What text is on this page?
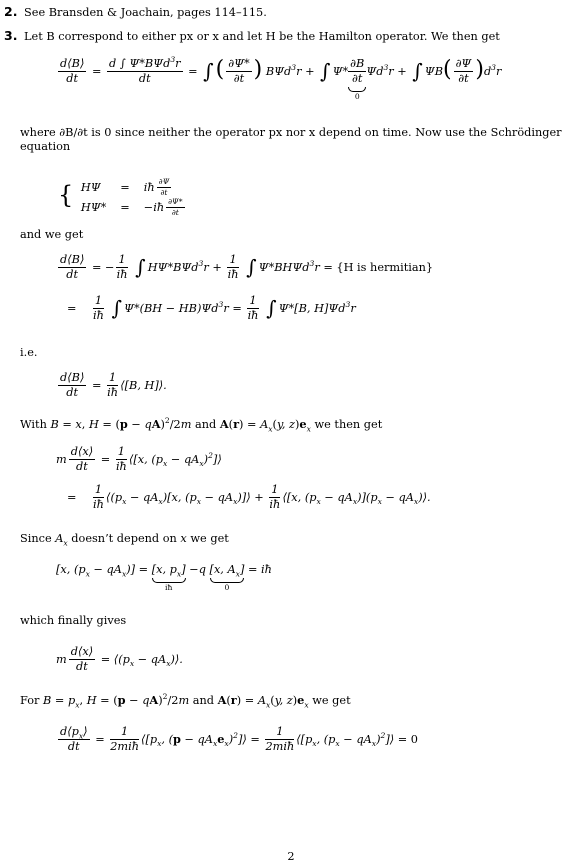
2. See Bransden & Joachain, pages 114–115.
3. Let B correspond to either px or x and let H be the Hamilton operator. We then get
$\frac{d⟨B⟩}{dt} = \frac{d \int \Psi*B\Psi d^3r}{dt}$ = ∫( $\frac{\partial\Psi*}{\partial t}$ ) BΨd$^3$r + ∫ $\Psi* \frac{\partial B}{\partial t}$
0
$\Psi d^3r$ + ∫ $\Psi B( \frac{\partial\Psi}{\partial t} )d^3r$
where ∂B/∂t is 0 since neither the operator px nor x depend on time. Now use the Schrödinger equation
{ HΨ	=	iħ $\frac{\partial\Psi}{\partial t}$

HΨ*	=	−iħ $\frac{\partial\Psi*}{\partial t}$
and we get
$\frac{d⟨B⟩}{dt}$ = − $\frac{1}{iħ}$ ∫ $H\Psi*B\Psi d^3r + \frac{1}{iħ}$ ∫ Ψ*BHΨd$^3$r = {H is hermitian}
= $\frac{1}{iħ}$ ∫ $\Psi*(BH - HB)\Psi d^3r = \frac{1}{iħ}$ ∫ Ψ*[B, $H]\Psi d^3r$
i.e.
$\frac{d⟨B⟩}{dt} = \frac{1}{iħ}$ ⟨[B, H]⟩.
With B = x, H = (p − qA)$^2$/2m and $A(r) = A_x(y$, $z)e_x$ we then get
m $\frac{d⟨x⟩}{dt} = \frac{1}{iħ}$ ⟨[x, ($p_x$ − $qA_x)^2]⟩$
= $\frac{1}{iħ}$ $⟨(p_x - qA_x)[x$, ($p_x$ − $qA_x)]⟩ + \frac{1}{iħ}$ ⟨[x, $(p_x - qA_x)](p_x$ − $qA_x)⟩$.
Since $A_x$ doesn’t depend on x we get
[x, $(p_x - qA_x)] = [x$, $p_x$]
iħ
−q [x, $A_x$]
0
= iħ
which finally gives
m $\frac{d⟨x⟩}{dt}$ = $⟨(p_x$ − $qA_x)⟩$.
For $B = p_x$, H = (p − qA)$^2$/2m and $A(r) = A_x(y$, $z)e_x$ we get
$\frac{d⟨p_x⟩}{dt} = \frac{1}{\text{2miħ}}$ $⟨[p_x$, $(p - qA_xe_x)^2]⟩ = \frac{1}{\text{2miħ}}$ $⟨[p_x$, ($p_x$ − $qA_x)^2]⟩ = 0$
2
